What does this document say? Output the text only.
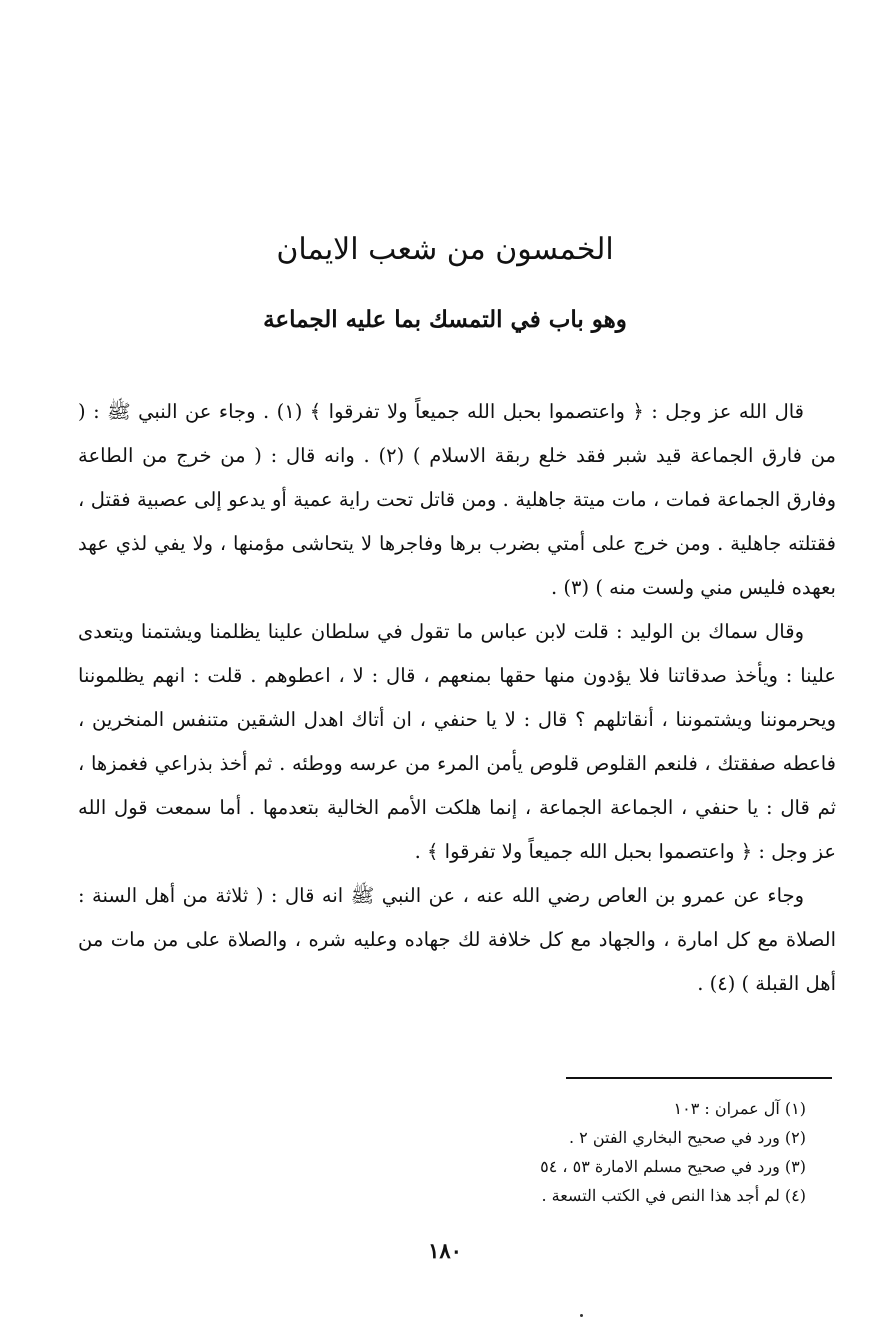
الخمسون من شعب الايمان
وهو باب في التمسك بما عليه الجماعة

قال الله عز وجل : ﴿ واعتصموا بحبل الله جميعاً ولا تفرقوا ﴾ (١) . وجاء عن النبي ﷺ : ( من فارق الجماعة قيد شبر فقد خلع ربقة الاسلام ) (٢) . وانه قال : ( من خرج من الطاعة وفارق الجماعة فمات ، مات ميتة جاهلية . ومن قاتل تحت راية عمية أو يدعو إلى عصبية فقتل ، فقتلته جاهلية . ومن خرج على أمتي بضرب برها وفاجرها لا يتحاشى مؤمنها ، ولا يفي لذي عهد بعهده فليس مني ولست منه ) (٣) .

وقال سماك بن الوليد : قلت لابن عباس ما تقول في سلطان علينا يظلمنا ويشتمنا ويتعدى علينا : ويأخذ صدقاتنا فلا يؤدون منها حقها بمنعهم ، قال : لا ، اعطوهم . قلت : انهم يظلموننا ويحرموننا ويشتموننا ، أنقاتلهم ؟ قال : لا يا حنفي ، ان أتاك اهدل الشقين متنفس المنخرين ، فاعطه صفقتك ، فلنعم القلوص قلوص يأمن المرء من عرسه ووطئه . ثم أخذ بذراعي فغمزها ، ثم قال : يا حنفي ، الجماعة الجماعة ، إنما هلكت الأمم الخالية بتعدمها . أما سمعت قول الله عز وجل : ﴿ واعتصموا بحبل الله جميعاً ولا تفرقوا ﴾ .

وجاء عن عمرو بن العاص رضي الله عنه ، عن النبي ﷺ انه قال : ( ثلاثة من أهل السنة : الصلاة مع كل امارة ، والجهاد مع كل خلافة لك جهاده وعليه شره ، والصلاة على من مات من أهل القبلة ) (٤) .

(١) آل عمران : ١٠٣
(٢) ورد في صحيح البخاري الفتن ٢ .
(٣) ورد في صحيح مسلم الامارة ٥٣ ، ٥٤
(٤) لم أجد هذا النص في الكتب التسعة .
١٨٠
